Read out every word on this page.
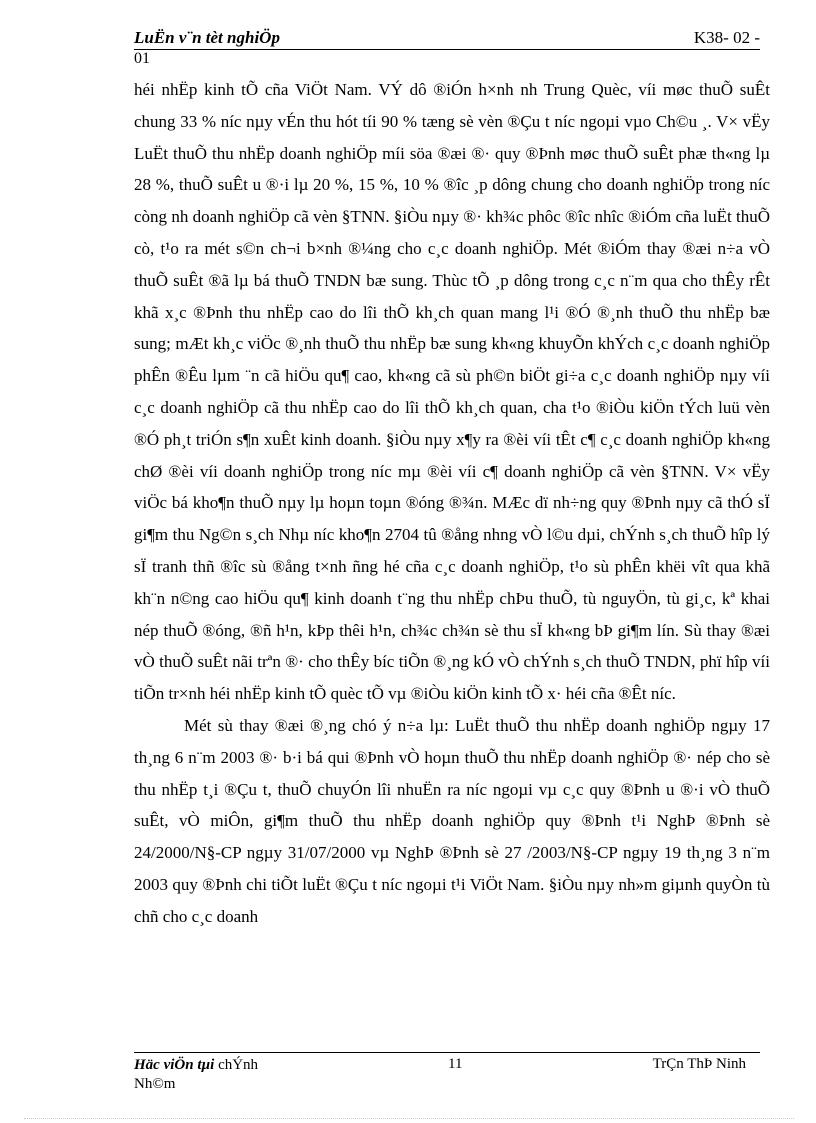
LuËn v¨n tèt nghiÖp	K38- 02 -
01

héi nhËp kinh tÕ cña ViÖt Nam. VÝ dô ®iÓn h×nh nh Trung Quèc, víi møc thuÕ suÊt chung 33 % níc nµy vÉn thu hót tíi 90 % tæng sè vèn ®Çu t níc ngoµi vµo Ch©u ¸. V× vËy LuËt thuÕ thu nhËp doanh nghiÖp míi söa ®æi ®· quy ®Þnh møc thuÕ suÊt phæ th«ng lµ 28 %, thuÕ suÊt u ®·i lµ 20 %, 15 %, 10 % ®îc ¸p dông chung cho doanh nghiÖp trong níc còng nh doanh nghiÖp cã vèn §TNN. §iÒu nµy ®· kh¾c phôc ®îc nhîc ®iÓm cña luËt thuÕ cò, t¹o ra mét s©n ch¬i b×nh ®¼ng cho c¸c doanh nghiÖp. Mét ®iÓm thay ®æi n÷a vÒ thuÕ suÊt ®ã lµ bá thuÕ TNDN bæ sung. Thùc tÕ ¸p dông trong c¸c n¨m qua cho thÊy rÊt khã x¸c ®Þnh thu nhËp cao do lîi thÕ kh¸ch quan mang l¹i ®Ó ®¸nh thuÕ thu nhËp bæ sung; mÆt kh¸c viÖc ®¸nh thuÕ thu nhËp bæ sung kh«ng khuyÕn khÝch c¸c doanh nghiÖp phÊn ®Êu lµm ¨n cã hiÖu qu¶ cao, kh«ng cã sù ph©n biÖt gi÷a c¸c doanh nghiÖp nµy víi c¸c doanh nghiÖp cã thu nhËp cao do lîi thÕ kh¸ch quan, cha t¹o ®iÒu kiÖn tÝch luü vèn ®Ó ph¸t triÓn s¶n xuÊt kinh doanh. §iÒu nµy x¶y ra ®èi víi tÊt c¶ c¸c doanh nghiÖp kh«ng chØ ®èi víi doanh nghiÖp trong níc mµ ®èi víi c¶ doanh nghiÖp cã vèn §TNN. V× vËy viÖc bá kho¶n thuÕ nµy lµ hoµn toµn ®óng ®¾n. MÆc dï nh÷ng quy ®Þnh nµy cã thÓ sÏ gi¶m thu Ng©n s¸ch Nhµ níc kho¶n 2704 tû ®ång nhng vÒ l©u dµi, chÝnh s¸ch thuÕ hîp lý sÏ tranh thñ ®îc sù ®ång t×nh ñng hé cña c¸c doanh nghiÖp, t¹o sù phÊn khëi vît qua khã kh¨n n©ng cao hiÖu qu¶ kinh doanh t¨ng thu nhËp chÞu thuÕ, tù nguyÖn, tù gi¸c, kª khai nép thuÕ ®óng, ®ñ h¹n, kÞp thêi h¹n, ch¾c ch¾n sè thu sÏ kh«ng bÞ gi¶m lín. Sù thay ®æi vÒ thuÕ suÊt nãi trªn ®· cho thÊy bíc tiÕn ®¸ng kÓ vÒ chÝnh s¸ch thuÕ TNDN, phï hîp víi tiÕn tr×nh héi nhËp kinh tÕ quèc tÕ vµ ®iÒu kiÖn kinh tÕ x· héi cña ®Êt níc.

Mét sù thay ®æi ®¸ng chó ý n÷a lµ: LuËt thuÕ thu nhËp doanh nghiÖp ngµy 17 th¸ng 6 n¨m 2003 ®· b·i bá qui ®Þnh vÒ hoµn thuÕ thu nhËp doanh nghiÖp ®· nép cho sè thu nhËp t¸i ®Çu t, thuÕ chuyÓn lîi nhuËn ra níc ngoµi vµ c¸c quy ®Þnh u ®·i vÒ thuÕ suÊt, vÒ miÔn, gi¶m thuÕ thu nhËp doanh nghiÖp quy ®Þnh t¹i NghÞ ®Þnh sè 24/2000/N§-CP ngµy 31/07/2000 vµ NghÞ ®Þnh sè 27 /2003/N§-CP ngµy 19 th¸ng 3 n¨m 2003 quy ®Þnh chi tiÕt luËt ®Çu t níc ngoµi t¹i ViÖt Nam. §iÒu nµy nh»m giµnh quyÒn tù chñ cho c¸c doanh

Häc viÖn tµi chÝnh
Nh©m
11	TrÇn ThÞ Ninh
